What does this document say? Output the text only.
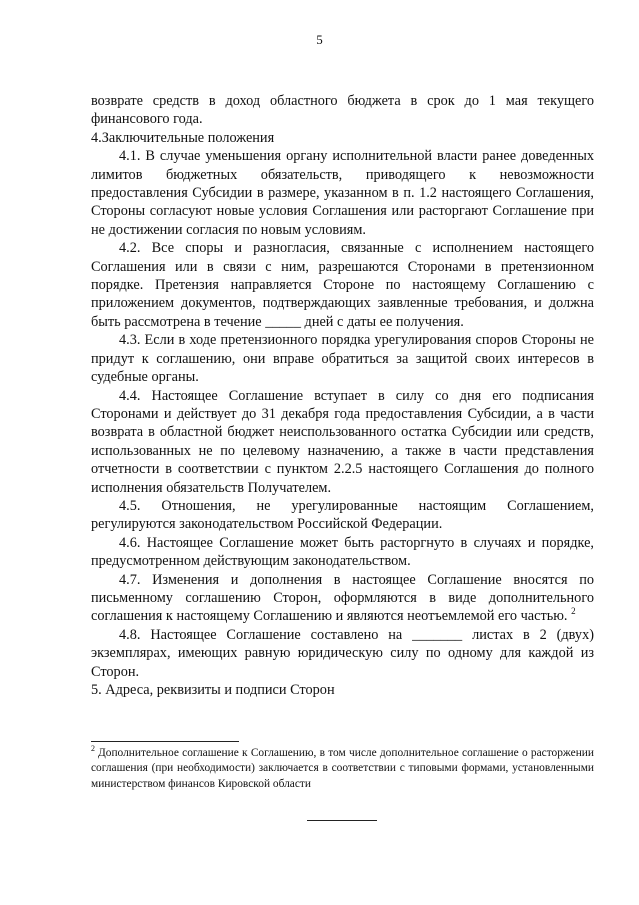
5

возврате средств в доход областного бюджета в срок до 1 мая текущего финансового года.

4.Заключительные положения

4.1. В случае уменьшения органу исполнительной власти ранее доведенных лимитов бюджетных обязательств, приводящего к невозможности предоставления Субсидии в размере, указанном в п. 1.2 настоящего Соглашения, Стороны согласуют новые условия Соглашения или расторгают Соглашение при не достижении согласия по новым условиям.

4.2. Все споры и разногласия, связанные с исполнением настоящего Соглашения или в связи с ним, разрешаются Сторонами в претензионном порядке. Претензия направляется Стороне по настоящему Соглашению с приложением документов, подтверждающих заявленные требования, и должна быть рассмотрена в течение _____ дней с даты ее получения.

4.3. Если в ходе претензионного порядка урегулирования споров Стороны не придут к соглашению, они вправе обратиться за защитой своих интересов в судебные органы.

4.4. Настоящее Соглашение вступает в силу со дня его подписания Сторонами и действует до 31 декабря года предоставления Субсидии, а в части возврата в областной бюджет неиспользованного остатка Субсидии или средств, использованных не по целевому назначению, а также в части представления отчетности в соответствии с пунктом 2.2.5 настоящего Соглашения до полного исполнения обязательств Получателем.

4.5. Отношения, не урегулированные настоящим Соглашением, регулируются законодательством Российской Федерации.

4.6. Настоящее Соглашение может быть расторгнуто в случаях и порядке, предусмотренном действующим законодательством.

4.7. Изменения и дополнения в настоящее Соглашение вносятся по письменному соглашению Сторон, оформляются в виде дополнительного соглашения к настоящему Соглашению и являются неотъемлемой его частью. $^2$

4.8. Настоящее Соглашение составлено на _______ листах в 2 (двух) экземплярах, имеющих равную юридическую силу по одному для каждой из Сторон.

5. Адреса, реквизиты и подписи Сторон

$^2$ Дополнительное соглашение к Соглашению, в том числе дополнительное соглашение о расторжении соглашения (при необходимости) заключается в соответствии с типовыми формами, установленными министерством финансов Кировской области
